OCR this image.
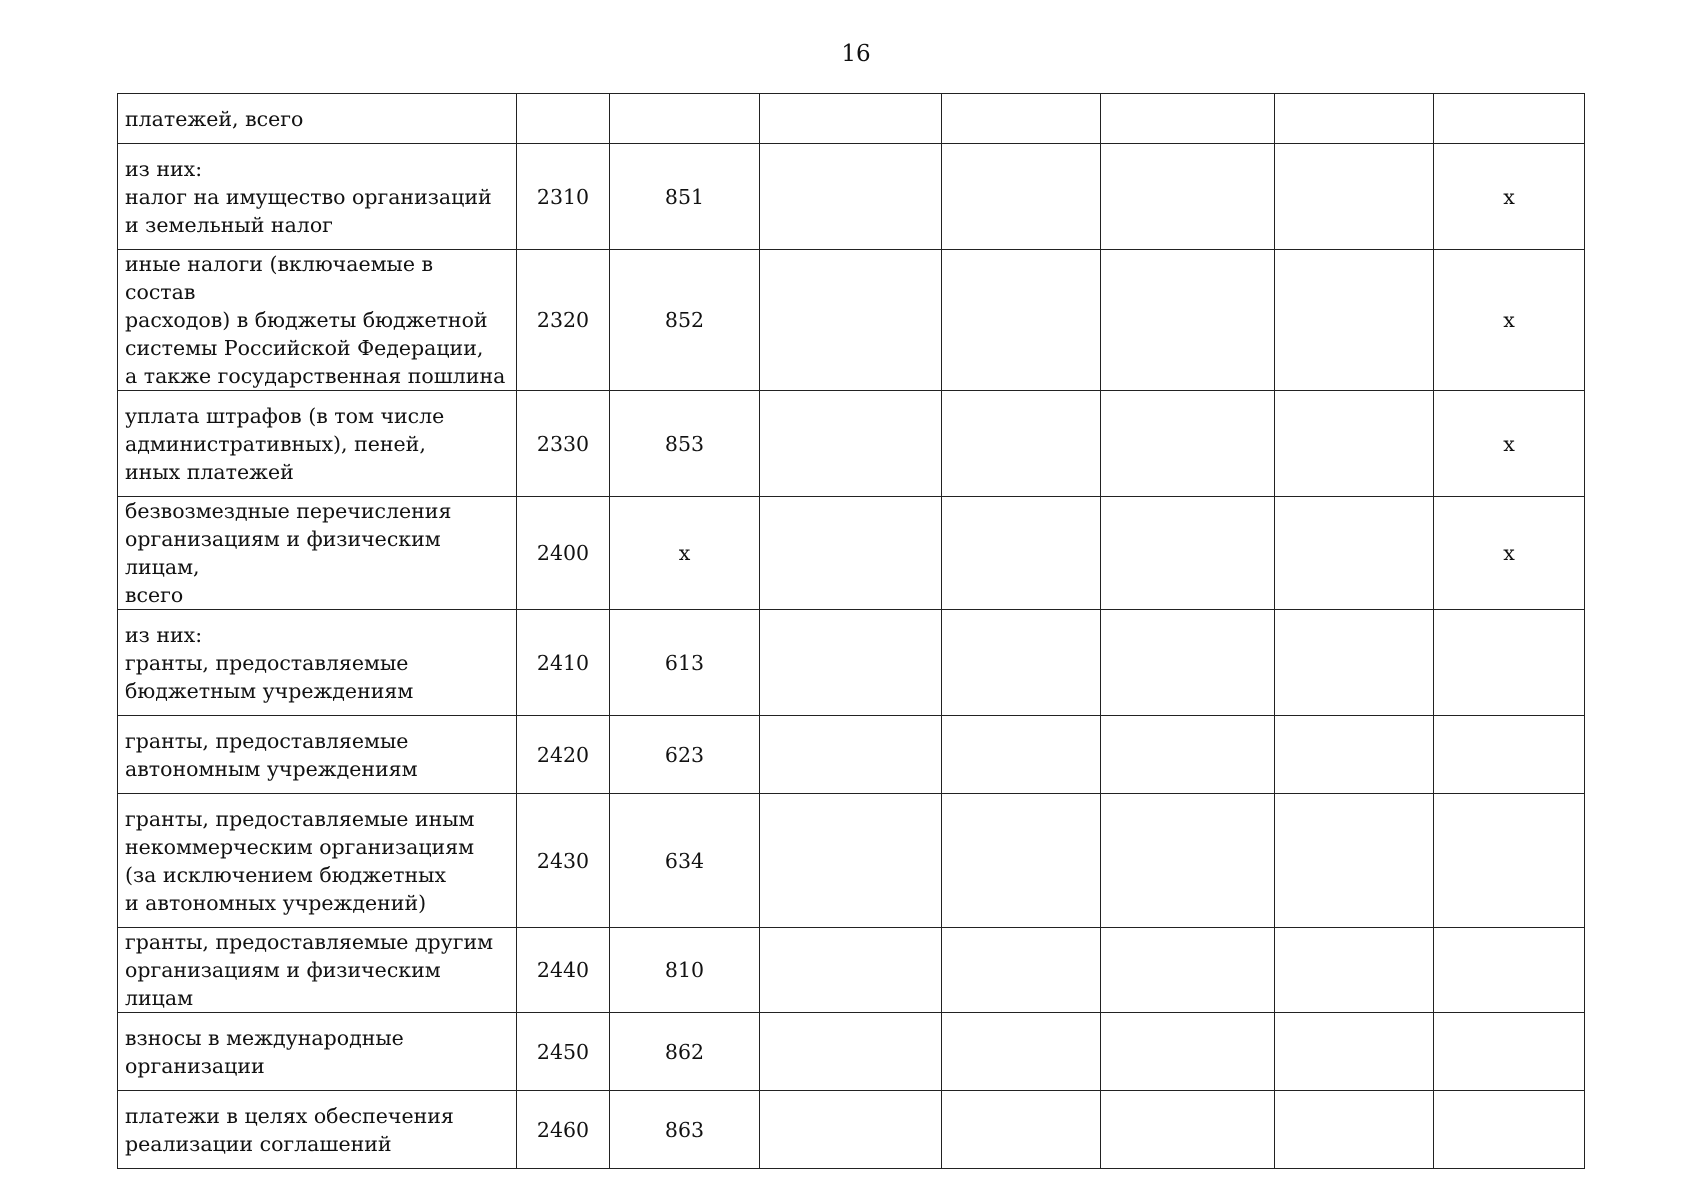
16
платежей, всего							
из них:
налог на имущество организаций
и земельный налог	2310	851					х
иные налоги (включаемые в состав
расходов) в бюджеты бюджетной
системы Российской Федерации,
а также государственная пошлина	2320	852					х
уплата штрафов (в том числе
административных), пеней,
иных платежей	2330	853					х
безвозмездные перечисления
организациям и физическим лицам,
всего	2400	х					х
из них:
гранты, предоставляемые
бюджетным учреждениям	2410	613					
гранты, предоставляемые
автономным учреждениям	2420	623					
гранты, предоставляемые иным
некоммерческим организациям
(за исключением бюджетных
и автономных учреждений)	2430	634					
гранты, предоставляемые другим
организациям и физическим лицам	2440	810					
взносы в международные
организации	2450	862					
платежи в целях обеспечения
реализации соглашений	2460	863					
